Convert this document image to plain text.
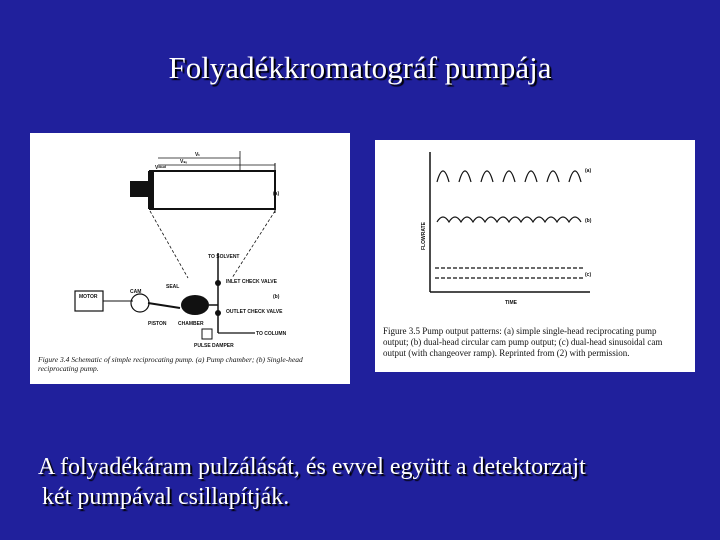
Folyadékkromatográf pumpája
Vₜ
Vₛᵥ
Vᵈᵉᵃᵈ
(a)
MOTOR
CAM
SEAL
PISTON CHAMBER
TO SOLVENT
INLET CHECK VALVE
OUTLET CHECK VALVE
TO COLUMN
PULSE DAMPER
(b)
Figure 3.4 Schematic of simple reciprocating pump. (a) Pump chamber; (b) Single-head reciprocating pump.
FLOWRATE
TIME
(a)
(b)
(c)
Figure 3.5 Pump output patterns: (a) simple single-head reciprocating pump output; (b) dual-head circular cam pump output; (c) dual-head sinusoidal cam output (with changeover ramp). Reprinted from (2) with permission.
A folyadékáram pulzálását, és evvel együtt a detektorzajt
két pumpával csillapítják.
